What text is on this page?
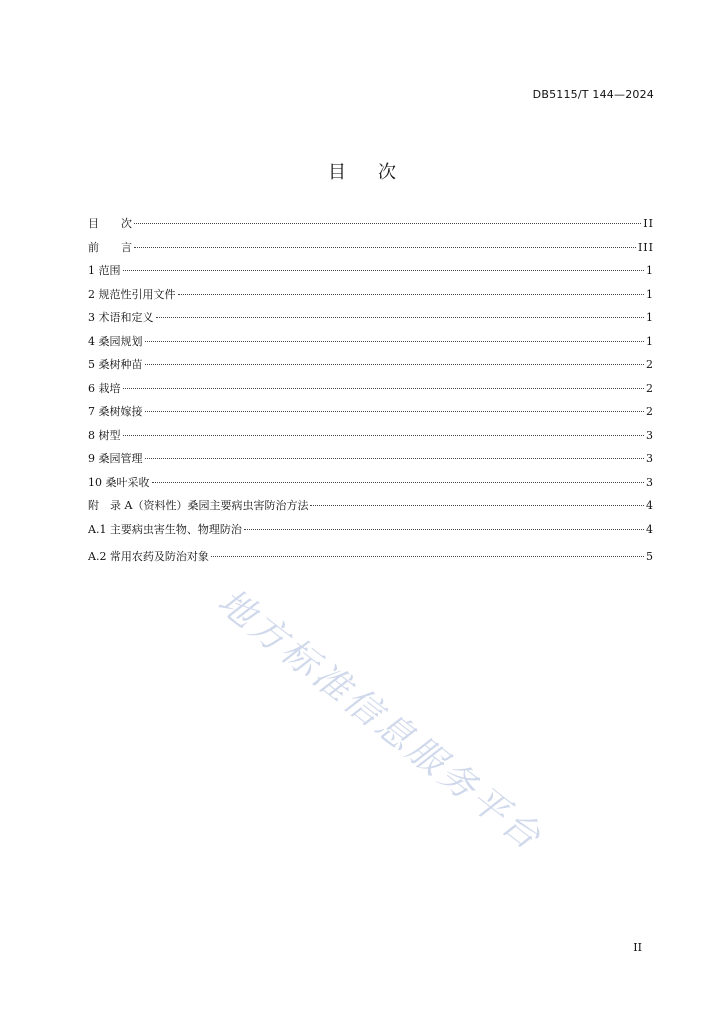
DB5115/T 144—2024
目次
目　　次	II
前　　言	III
1 范围	1
2 规范性引用文件	1
3 术语和定义	1
4 桑园规划	1
5 桑树种苗	2
6 栽培	2
7 桑树嫁接	2
8 树型	3
9 桑园管理	3
10 桑叶采收	3
附　录 A（资料性）桑园主要病虫害防治方法	4
A.1 主要病虫害生物、物理防治	4
A.2 常用农药及防治对象	5
地方标准信息服务平台
II
